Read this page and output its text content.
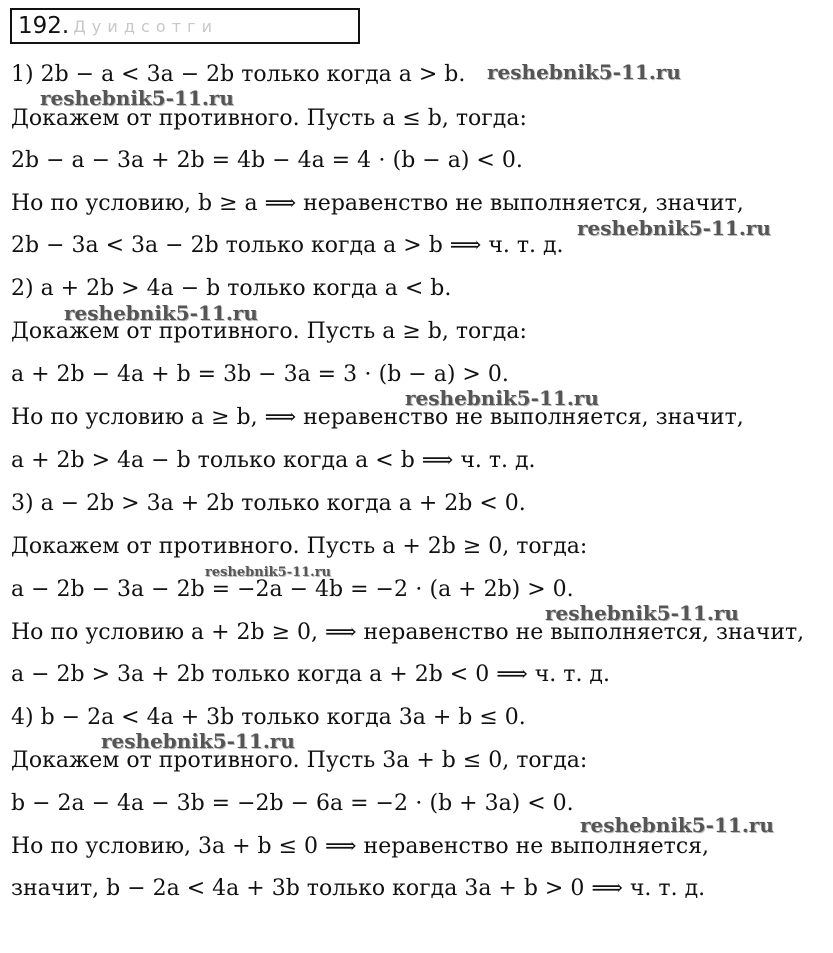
192. Д у и д с о т г и
1) 2b − a < 3a − 2b только когда a > b.
Докажем от противного. Пусть a ≤ b, тогда:
2b − a − 3a + 2b = 4b − 4a = 4 ⋅ (b − a) < 0.
Но по условию, b ≥ a ⟹ неравенство не выполняется, значит,
2b − 3a < 3a − 2b только когда a > b ⟹ ч. т. д.
2) a + 2b > 4a − b только когда a < b.
Докажем от противного. Пусть a ≥ b, тогда:
a + 2b − 4a + b = 3b − 3a = 3 ⋅ (b − a) > 0.
Но по условию a ≥ b, ⟹ неравенство не выполняется, значит,
a + 2b > 4a − b только когда a < b ⟹ ч. т. д.
3) a − 2b > 3a + 2b только когда a + 2b < 0.
Докажем от противного. Пусть a + 2b ≥ 0, тогда:
a − 2b − 3a − 2b = −2a − 4b = −2 ⋅ (a + 2b) > 0.
Но по условию a + 2b ≥ 0, ⟹ неравенство не выполняется, значит,
a − 2b > 3a + 2b только когда a + 2b < 0 ⟹ ч. т. д.
4) b − 2a < 4a + 3b только когда 3a + b ≤ 0.
Докажем от противного. Пусть 3a + b ≤ 0, тогда:
b − 2a − 4a − 3b = −2b − 6a = −2 ⋅ (b + 3a) < 0.
Но по условию, 3a + b ≤ 0 ⟹ неравенство не выполняется,
значит, b − 2a < 4a + 3b только когда 3a + b > 0 ⟹ ч. т. д.
reshebnik5-11.ru
reshebnik5-11.ru
reshebnik5-11.ru
reshebnik5-11.ru
reshebnik5-11.ru
reshebnik5-11.ru
reshebnik5-11.ru
reshebnik5-11.ru
reshebnik5-11.ru
